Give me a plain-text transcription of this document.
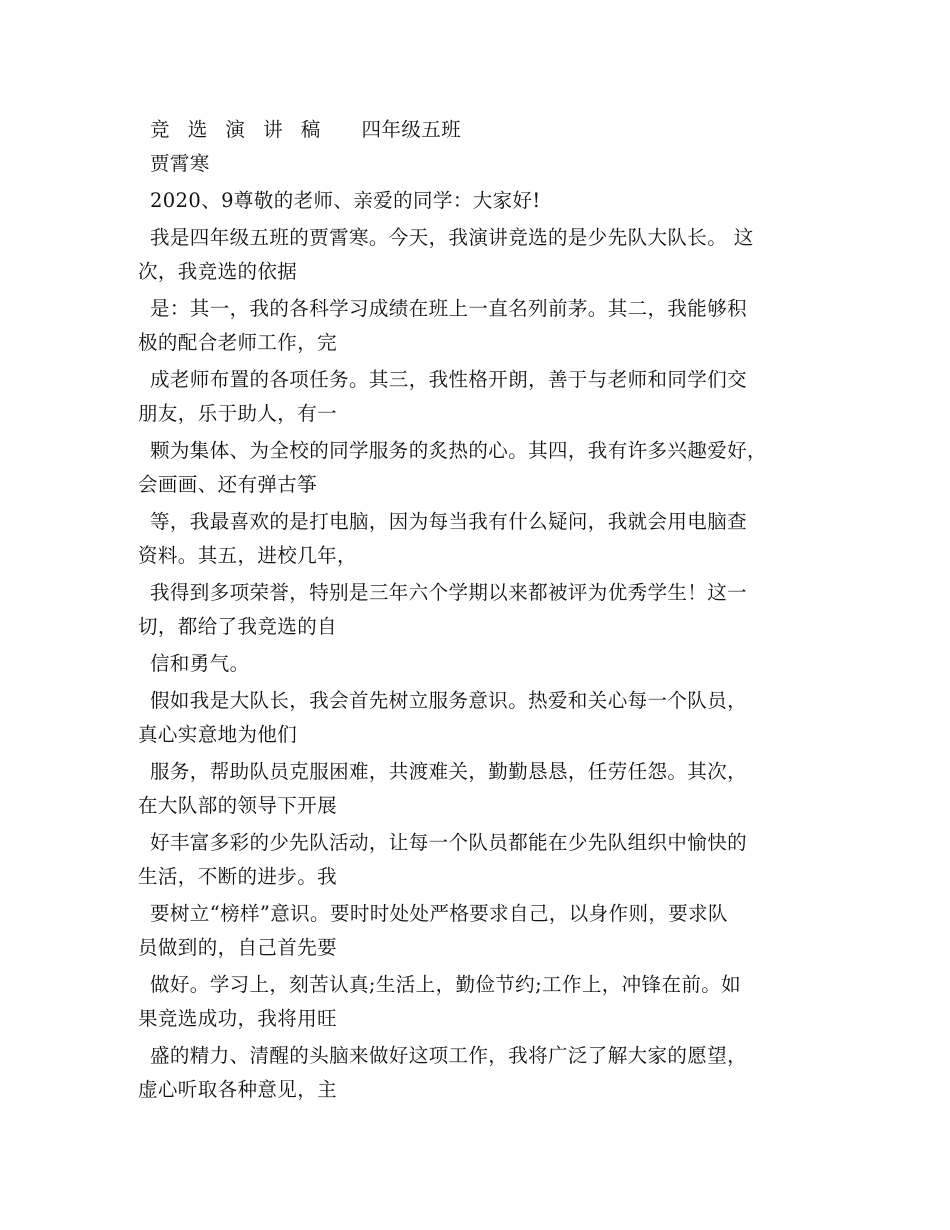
竞 选 演 讲 稿 四年级五班
贾霄寒
2020、9尊敬的老师、亲爱的同学：大家好!
我是四年级五班的贾霄寒。今天，我演讲竞选的是少先队大队长。 这
次，我竞选的依据
是：其一，我的各科学习成绩在班上一直名列前茅。其二，我能够积
极的配合老师工作，完
成老师布置的各项任务。其三，我性格开朗，善于与老师和同学们交
朋友，乐于助人，有一
颗为集体、为全校的同学服务的炙热的心。其四，我有许多兴趣爱好，
会画画、还有弹古筝
等，我最喜欢的是打电脑，因为每当我有什么疑问，我就会用电脑查
资料。其五，进校几年，
我得到多项荣誉，特别是三年六个学期以来都被评为优秀学生！这一
切，都给了我竞选的自
信和勇气。
假如我是大队长，我会首先树立服务意识。热爱和关心每一个队员，
真心实意地为他们
服务，帮助队员克服困难，共渡难关，勤勤恳恳，任劳任怨。其次，
在大队部的领导下开展
好丰富多彩的少先队活动，让每一个队员都能在少先队组织中愉快的
生活，不断的进步。我
要树立“榜样”意识。要时时处处严格要求自己，以身作则，要求队
员做到的，自己首先要
做好。学习上，刻苦认真;生活上，勤俭节约;工作上，冲锋在前。如
果竞选成功，我将用旺
盛的精力、清醒的头脑来做好这项工作，我将广泛了解大家的愿望，
虚心听取各种意见，主
